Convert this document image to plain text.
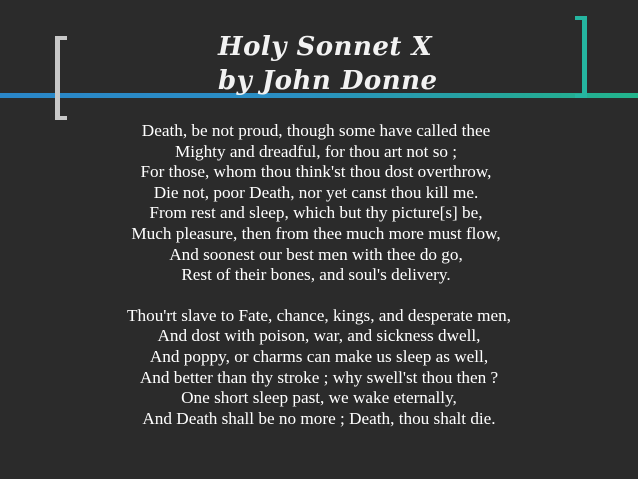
Holy Sonnet X
by John Donne
Death, be not proud, though some have called thee
Mighty and dreadful, for thou art not so ;
For those, whom thou think'st thou dost overthrow,
Die not, poor Death, nor yet canst thou kill me.
From rest and sleep, which but thy picture[s] be,
Much pleasure, then from thee much more must flow,
And soonest our best men with thee do go,
Rest of their bones, and soul's delivery.
Thou'rt slave to Fate, chance, kings, and desperate men,
And dost with poison, war, and sickness dwell,
And poppy, or charms can make us sleep as well,
And better than thy stroke ; why swell'st thou then ?
One short sleep past, we wake eternally,
And Death shall be no more ; Death, thou shalt die.
